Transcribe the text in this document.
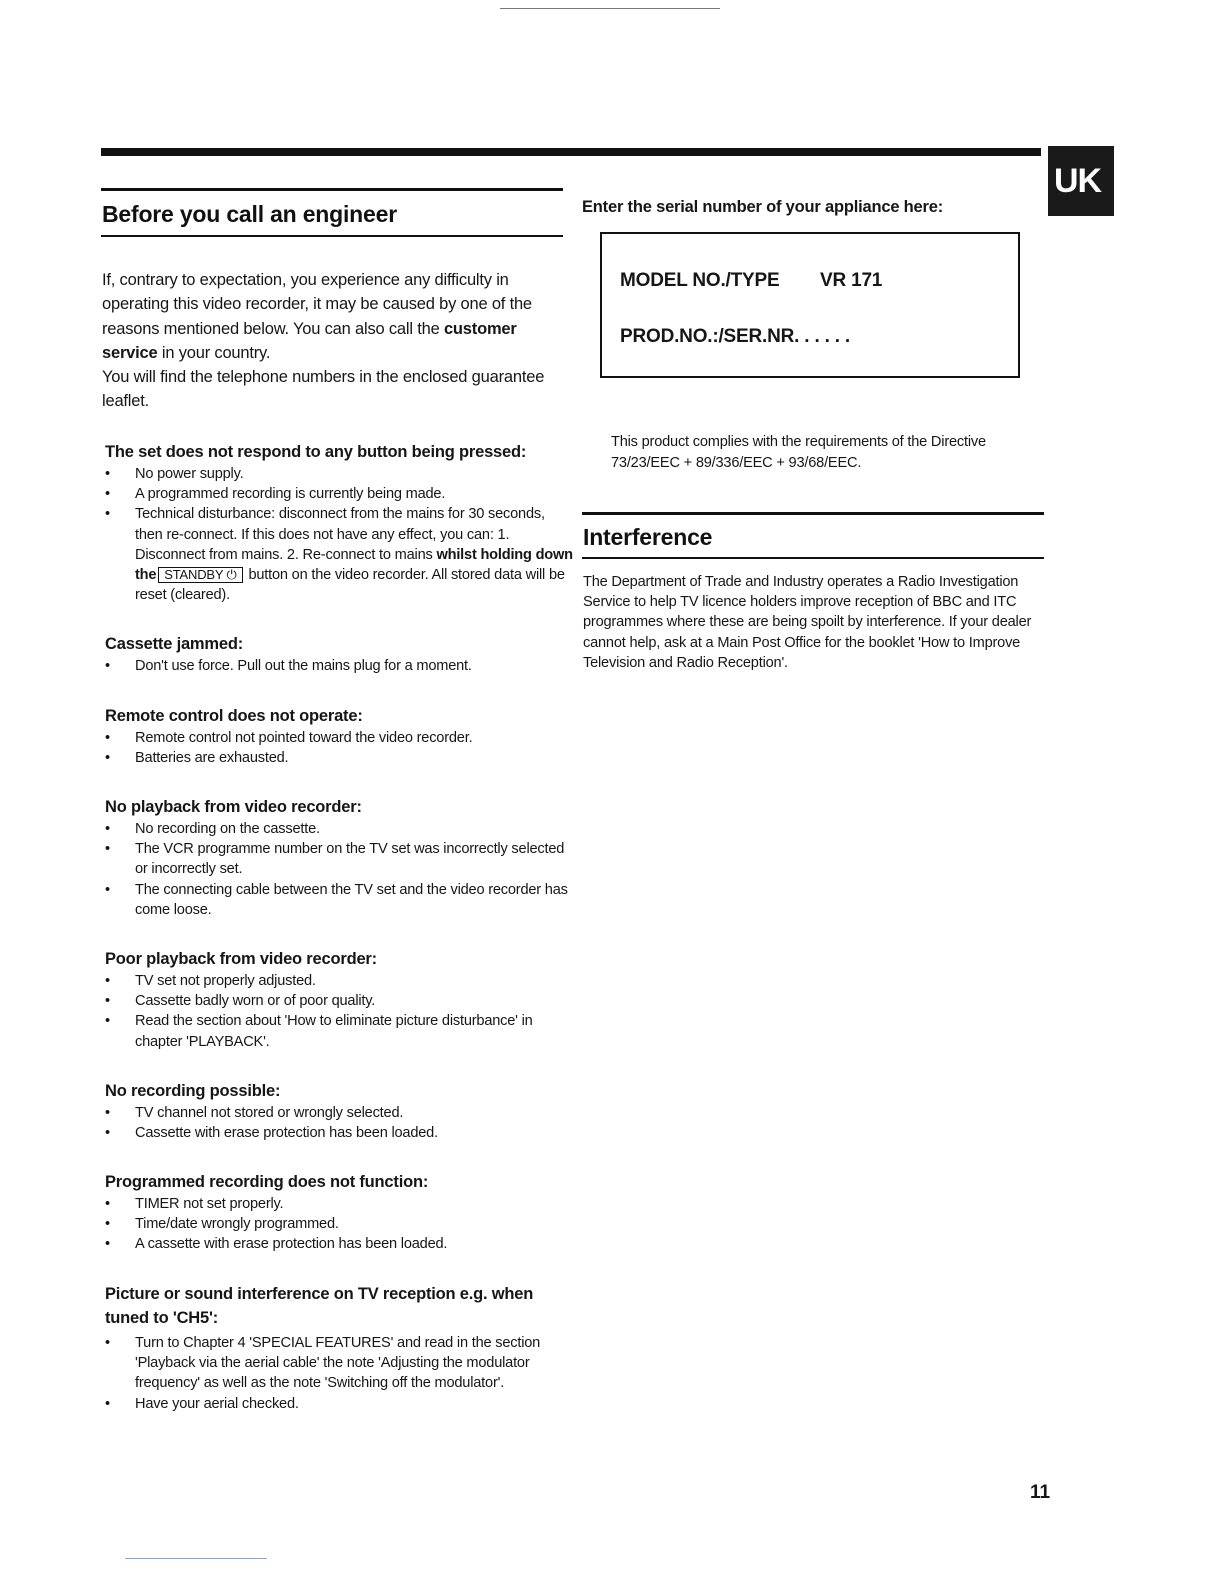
UK
Before you call an engineer
If, contrary to expectation, you experience any difficulty in operating this video recorder, it may be caused by one of the reasons mentioned below. You can also call the customer service in your country.
You will find the telephone numbers in the enclosed guarantee leaflet.
The set does not respond to any button being pressed:
• No power supply.
• A programmed recording is currently being made.
• Technical disturbance: disconnect from the mains for 30 seconds, then re-connect. If this does not have any effect, you can: 1. Disconnect from mains. 2. Re-connect to mains whilst holding down the STANDBY ⏻ button on the video recorder. All stored data will be reset (cleared).
Cassette jammed:
• Don't use force. Pull out the mains plug for a moment.
Remote control does not operate:
• Remote control not pointed toward the video recorder.
• Batteries are exhausted.
No playback from video recorder:
• No recording on the cassette.
• The VCR programme number on the TV set was incorrectly selected or incorrectly set.
• The connecting cable between the TV set and the video recorder has come loose.
Poor playback from video recorder:
• TV set not properly adjusted.
• Cassette badly worn or of poor quality.
• Read the section about 'How to eliminate picture disturbance' in chapter 'PLAYBACK'.
No recording possible:
• TV channel not stored or wrongly selected.
• Cassette with erase protection has been loaded.
Programmed recording does not function:
• TIMER not set properly.
• Time/date wrongly programmed.
• A cassette with erase protection has been loaded.
Picture or sound interference on TV reception e.g. when tuned to 'CH5':
• Turn to Chapter 4 'SPECIAL FEATURES' and read in the section 'Playback via the aerial cable' the note 'Adjusting the modulator frequency' as well as the note 'Switching off the modulator'.
• Have your aerial checked.
Enter the serial number of your appliance here:
MODEL NO./TYPE VR 171
PROD.NO.:/SER.NR. . . . . .
This product complies with the requirements of the Directive 73/23/EEC + 89/336/EEC + 93/68/EEC.
Interference
The Department of Trade and Industry operates a Radio Investigation Service to help TV licence holders improve reception of BBC and ITC programmes where these are being spoilt by interference. If your dealer cannot help, ask at a Main Post Office for the booklet 'How to Improve Television and Radio Reception'.
11
